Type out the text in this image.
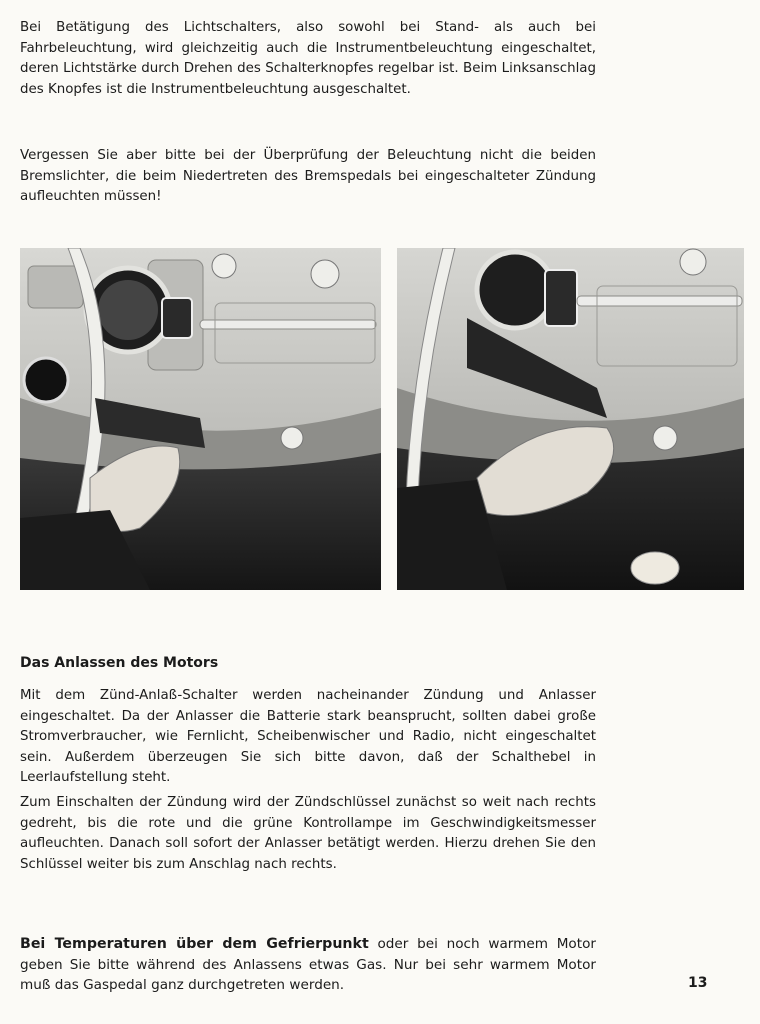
Bei Betätigung des Lichtschalters, also sowohl bei Stand- als auch bei Fahrbeleuchtung, wird gleichzeitig auch die Instrumentbeleuchtung eingeschaltet, deren Lichtstärke durch Drehen des Schalterknopfes regelbar ist. Beim Linksanschlag des Knopfes ist die Instrumentbeleuchtung ausgeschaltet.

Vergessen Sie aber bitte bei der Überprüfung der Beleuchtung nicht die beiden Bremslichter, die beim Niedertreten des Bremspedals bei eingeschalteter Zündung aufleuchten müssen!

Das Anlassen des Motors

Mit dem Zünd-Anlaß-Schalter werden nacheinander Zündung und Anlasser eingeschaltet. Da der Anlasser die Batterie stark beansprucht, sollten dabei große Stromverbraucher, wie Fernlicht, Scheibenwischer und Radio, nicht eingeschaltet sein. Außerdem überzeugen Sie sich bitte davon, daß der Schalthebel in Leerlaufstellung steht.

Zum Einschalten der Zündung wird der Zündschlüssel zunächst so weit nach rechts gedreht, bis die rote und die grüne Kontrollampe im Geschwindigkeitsmesser aufleuchten. Danach soll sofort der Anlasser betätigt werden. Hierzu drehen Sie den Schlüssel weiter bis zum Anschlag nach rechts.

Bei Temperaturen über dem Gefrierpunkt oder bei noch warmem Motor geben Sie bitte während des Anlassens etwas Gas. Nur bei sehr warmem Motor muß das Gaspedal ganz durchgetreten werden.	13
